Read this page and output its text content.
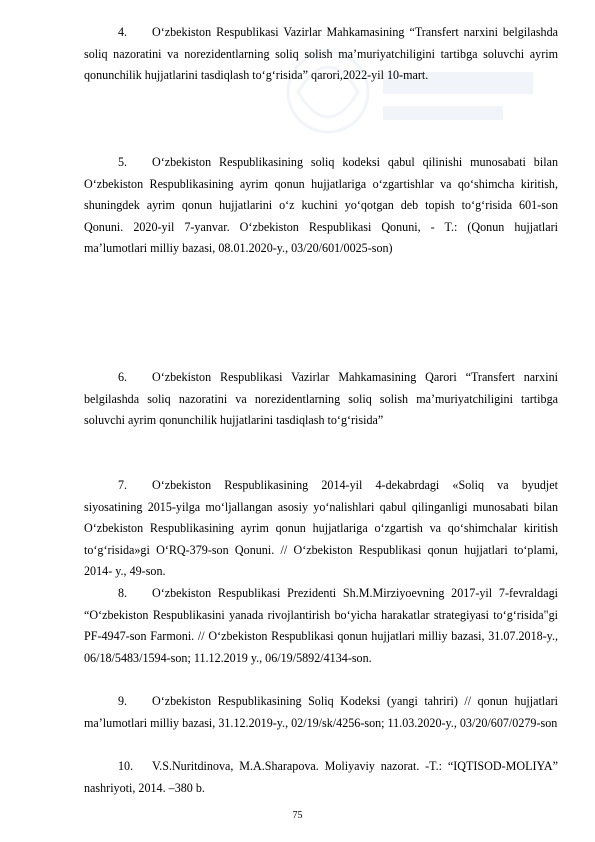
4. O‘zbekiston Respublikasi Vazirlar Mahkamasining “Transfert narxini belgilashda soliq nazoratini va norezidentlarning soliq solish ma’muriyatchiligini tartibga soluvchi ayrim qonunchilik hujjatlarini tasdiqlash to‘g‘risida” qarori,2022-yil 10-mart.

5. O‘zbekiston Respublikasining soliq kodeksi qabul qilinishi munosabati bilan O‘zbekiston Respublikasining ayrim qonun hujjatlariga o‘zgartishlar va qo‘shimcha kiritish, shuningdek ayrim qonun hujjatlarini o‘z kuchini yo‘qotgan deb topish to‘g‘risida 601-son Qonuni. 2020-yil 7-yanvar. O‘zbekiston Respublikasi Qonuni, - T.: (Qonun hujjatlari ma’lumotlari milliy bazasi, 08.01.2020-y., 03/20/601/0025-son)

6. O‘zbekiston Respublikasi Vazirlar Mahkamasining Qarori “Transfert narxini belgilashda soliq nazoratini va norezidentlarning soliq solish ma’muriyatchiligini tartibga soluvchi ayrim qonunchilik hujjatlarini tasdiqlash to‘g‘risida”

7. O‘zbekiston Respublikasining 2014-yil 4-dekabrdagi «Soliq va byudjet siyosatining 2015-yilga mo‘ljallangan asosiy yo‘nalishlari qabul qilinganligi munosabati bilan O‘zbekiston Respublikasining ayrim qonun hujjatlariga o‘zgartish va qo‘shimchalar kiritish to‘g‘risida»gi O‘RQ-379-son Qonuni. // O‘zbekiston Respublikasi qonun hujjatlari to‘plami, 2014- y., 49-son.

8. O‘zbekiston Respublikasi Prezidenti Sh.M.Mirziyoevning 2017-yil 7-fevraldagi “O‘zbekiston Respublikasini yanada rivojlantirish bo‘yicha harakatlar strategiyasi to‘g‘risida"gi PF-4947-son Farmoni. // O‘zbekiston Respublikasi qonun hujjatlari milliy bazasi, 31.07.2018-y., 06/18/5483/1594-son; 11.12.2019 y., 06/19/5892/4134-son.

9. O‘zbekiston Respublikasining Soliq Kodeksi (yangi tahriri) // qonun hujjatlari ma’lumotlari milliy bazasi, 31.12.2019-y., 02/19/sk/4256-son; 11.03.2020-y., 03/20/607/0279-son

10. V.S.Nuritdinova, M.A.Sharapova. Moliyaviy nazorat. -T.: “IQTISOD-MOLIYA” nashriyoti, 2014. –380 b.

75
